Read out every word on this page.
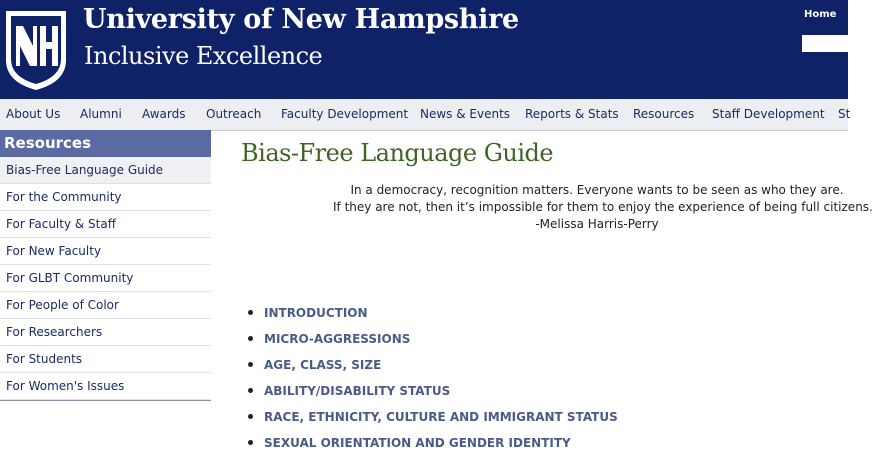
University of New Hampshire
Inclusive Excellence
Home
About Us Alumni Awards Outreach Faculty Development News & Events Reports & Stats Resources Staff Development St
Resources
Bias-Free Language Guide
For the Community
For Faculty & Staff
For New Faculty
For GLBT Community
For People of Color
For Researchers
For Students
For Women's Issues
Bias-Free Language Guide
In a democracy, recognition matters. Everyone wants to be seen as who they are.
If they are not, then it’s impossible for them to enjoy the experience of being full citizens.
-Melissa Harris-Perry
INTRODUCTION
MICRO-AGGRESSIONS
AGE, CLASS, SIZE
ABILITY/DISABILITY STATUS
RACE, ETHNICITY, CULTURE AND IMMIGRANT STATUS
SEXUAL ORIENTATION AND GENDER IDENTITY
